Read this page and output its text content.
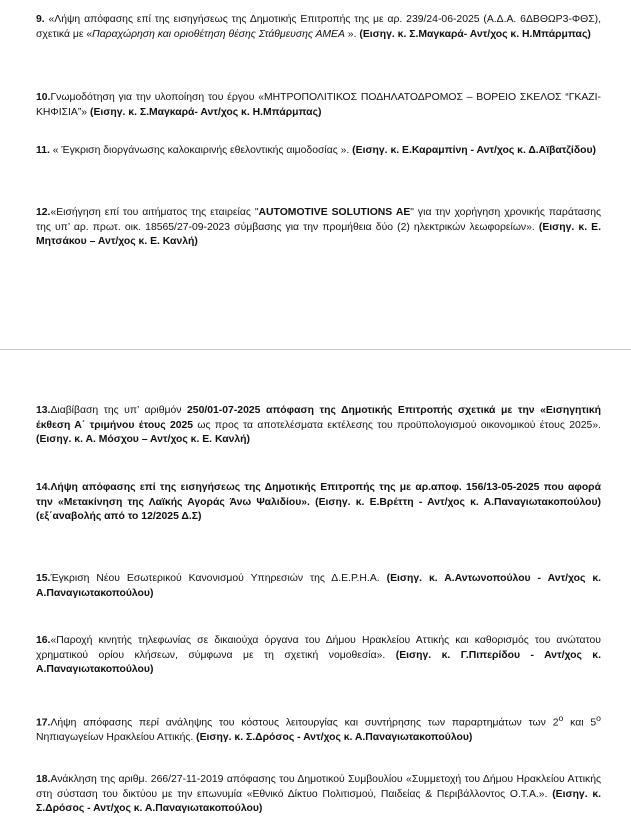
9. «Λήψη απόφασης επί της εισηγήσεως της Δημοτικής Επιτροπής της με αρ. 239/24-06-2025 (Α.Δ.Α. 6ΔΒΘΩΡ3-ΦΘΣ), σχετικά με «Παραχώρηση και οριοθέτηση θέσης Στάθμευσης ΑΜΕΑ ». (Εισηγ. κ. Σ.Μαγκαρά- Αντ/χος κ. Η.Μπάρμπας)
10.Γνωμοδότηση για την υλοποίηση του έργου «ΜΗΤΡΟΠΟΛΙΤΙΚΟΣ ΠΟΔΗΛΑΤΟΔΡΟΜΟΣ – ΒΟΡΕΙΟ ΣΚΕΛΟΣ “ΓΚΑΖΙ-ΚΗΦΙΣΙΑ”» (Εισηγ. κ. Σ.Μαγκαρά- Αντ/χος κ. Η.Μπάρμπας)
11. « Έγκριση διοργάνωσης καλοκαιρινής εθελοντικής αιμοδοσίας ». (Εισηγ. κ. Ε.Καραμπίνη - Αντ/χος κ. Δ.Αϊβατζίδου)
12.«Εισήγηση επί του αιτήματος της εταιρείας "AUTOMOTIVE SOLUTIONS AE" για την χορήγηση χρονικής παράτασης της υπ’ αρ. πρωτ. οικ. 18565/27-09-2023 σύμβασης για την προμήθεια δύο (2) ηλεκτρικών λεωφορείων». (Εισηγ. κ. Ε. Μητσάκου – Αντ/χος κ. Ε. Κανλή)
13.Διαβίβαση της υπ’ αριθμόν 250/01-07-2025 απόφαση της Δημοτικής Επιτροπής σχετικά με την «Εισηγητική έκθεση Α΄ τριμήνου έτους 2025 ως προς τα αποτελέσματα εκτέλεσης του προϋπολογισμού οικονομικού έτους 2025». (Εισηγ. κ. Α. Μόσχου – Αντ/χος κ. Ε. Κανλή)
14.Λήψη απόφασης επί της εισηγήσεως της Δημοτικής Επιτροπής της με αρ.αποφ. 156/13-05-2025 που αφορά την «Μετακίνηση της Λαϊκής Αγοράς Άνω Ψαλιδίου». (Εισηγ. κ. Ε.Βρέττη - Αντ/χος κ. Α.Παναγιωτακοπούλου) (εξ΄αναβολής από το 12/2025 Δ.Σ)
15.Έγκριση Νέου Εσωτερικού Κανονισμού Υπηρεσιών της Δ.Ε.Ρ.Η.Α. (Εισηγ. κ. Α.Αντωνοπούλου - Αντ/χος κ. Α.Παναγιωτακοπούλου)
16.«Παροχή κινητής τηλεφωνίας σε δικαιούχα όργανα του Δήμου Ηρακλείου Αττικής και καθορισμός του ανώτατου χρηματικού ορίου κλήσεων, σύμφωνα με τη σχετική νομοθεσία». (Εισηγ. κ. Γ.Πιπερίδου - Αντ/χος κ. Α.Παναγιωτακοπούλου)
17.Λήψη απόφασης περί ανάληψης του κόστους λειτουργίας και συντήρησης των παραρτημάτων των $2^o$ και $5^o$ Νηπιαγωγείων Ηρακλείου Αττικής. (Εισηγ. κ. Σ.Δρόσος - Αντ/χος κ. Α.Παναγιωτακοπούλου)
18.Ανάκληση της αριθμ. 266/27-11-2019 απόφασης του Δημοτικού Συμβουλίου «Συμμετοχή του Δήμου Ηρακλείου Αττικής στη σύσταση του δικτύου με την επωνυμία «Εθνικό Δίκτυο Πολιτισμού, Παιδείας & Περιβάλλοντος Ο.Τ.Α.». (Εισηγ. κ. Σ.Δρόσος - Αντ/χος κ. Α.Παναγιωτακοπούλου)
